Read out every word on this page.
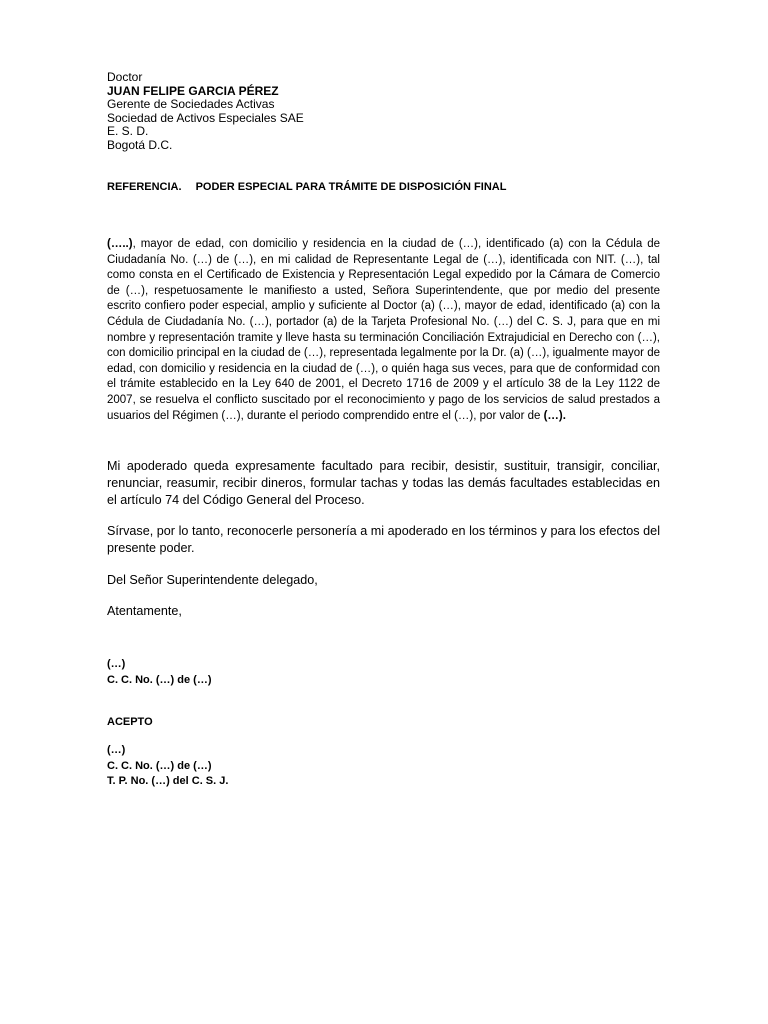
Doctor
JUAN FELIPE GARCIA PÉREZ
Gerente de Sociedades Activas
Sociedad de Activos Especiales SAE
E. S. D.
Bogotá D.C.
REFERENCIA. PODER ESPECIAL PARA TRÁMITE DE DISPOSICIÓN FINAL
(…..), mayor de edad, con domicilio y residencia en la ciudad de (…), identificado (a) con la Cédula de Ciudadanía No. (…) de (…), en mi calidad de Representante Legal de (…), identificada con NIT. (…), tal como consta en el Certificado de Existencia y Representación Legal expedido por la Cámara de Comercio de (…), respetuosamente le manifiesto a usted, Señora Superintendente, que por medio del presente escrito confiero poder especial, amplio y suficiente al Doctor (a) (…), mayor de edad, identificado (a) con la Cédula de Ciudadanía No. (…), portador (a) de la Tarjeta Profesional No. (…) del C. S. J, para que en mi nombre y representación tramite y lleve hasta su terminación Conciliación Extrajudicial en Derecho con (…), con domicilio principal en la ciudad de (…), representada legalmente por la Dr. (a) (…), igualmente mayor de edad, con domicilio y residencia en la ciudad de (…), o quién haga sus veces, para que de conformidad con el trámite establecido en la Ley 640 de 2001, el Decreto 1716 de 2009 y el artículo 38 de la Ley 1122 de 2007, se resuelva el conflicto suscitado por el reconocimiento y pago de los servicios de salud prestados a usuarios del Régimen (…), durante el periodo comprendido entre el (…), por valor de (…).
Mi apoderado queda expresamente facultado para recibir, desistir, sustituir, transigir, conciliar, renunciar, reasumir, recibir dineros, formular tachas y todas las demás facultades establecidas en el artículo 74 del Código General del Proceso.
Sírvase, por lo tanto, reconocerle personería a mi apoderado en los términos y para los efectos del presente poder.
Del Señor Superintendente delegado,
Atentamente,
(…)
C. C. No. (…) de (…)
ACEPTO
(…)
C. C. No. (…) de (…)
T. P. No. (…) del C. S. J.
